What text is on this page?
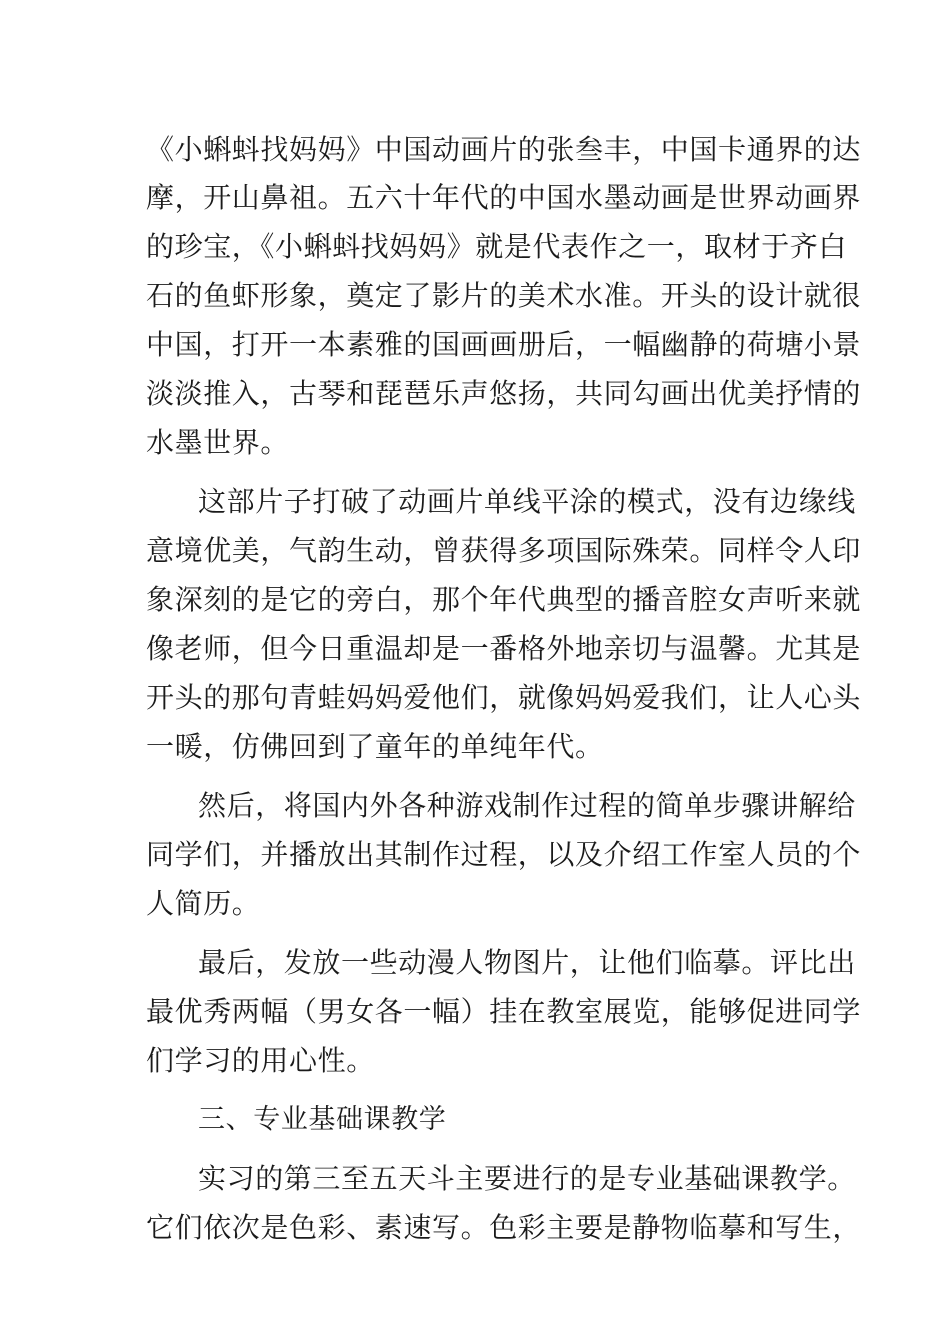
《小蝌蚪找妈妈》中国动画片的张叁丰，中国卡通界的达
摩，开山鼻祖。五六十年代的中国水墨动画是世界动画界
的珍宝，《小蝌蚪找妈妈》就是代表作之一，取材于齐白
石的鱼虾形象，奠定了影片的美术水准。开头的设计就很
中国，打开一本素雅的国画画册后，一幅幽静的荷塘小景
淡淡推入，古琴和琵琶乐声悠扬，共同勾画出优美抒情的
水墨世界。
这部片子打破了动画片单线平涂的模式，没有边缘线
意境优美，气韵生动，曾获得多项国际殊荣。同样令人印
象深刻的是它的旁白，那个年代典型的播音腔女声听来就
像老师，但今日重温却是一番格外地亲切与温馨。尤其是
开头的那句青蛙妈妈爱他们，就像妈妈爱我们，让人心头
一暖，仿佛回到了童年的单纯年代。
然后，将国内外各种游戏制作过程的简单步骤讲解给
同学们，并播放出其制作过程，以及介绍工作室人员的个
人简历。
最后，发放一些动漫人物图片，让他们临摹。评比出
最优秀两幅（男女各一幅）挂在教室展览，能够促进同学
们学习的用心性。
三、专业基础课教学
实习的第三至五天斗主要进行的是专业基础课教学。
它们依次是色彩、素速写。色彩主要是静物临摹和写生，
